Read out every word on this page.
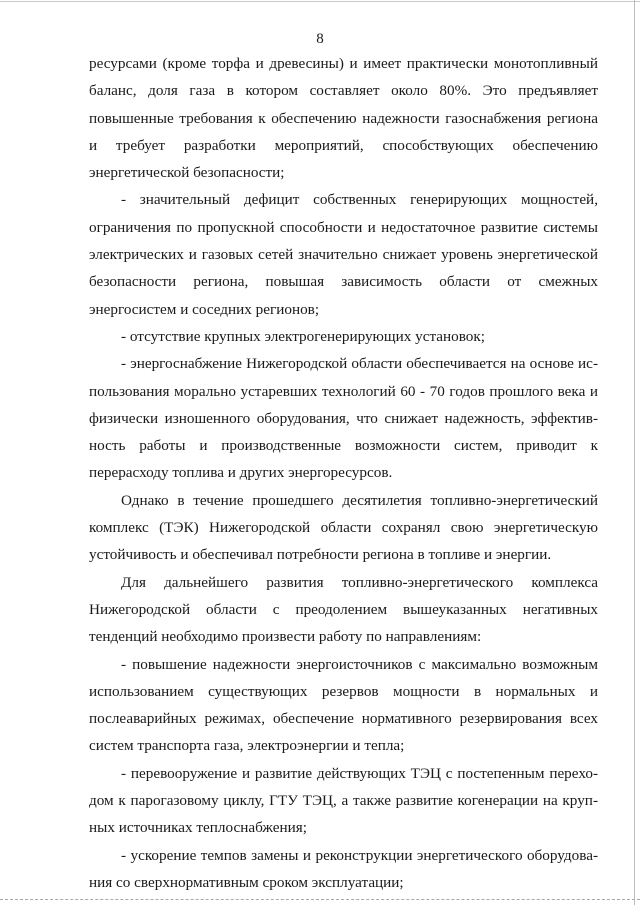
8

ресурсами (кроме торфа и древесины) и имеет практически монотопливный баланс, доля газа в котором составляет около 80%. Это предъявляет повышенные требования к обеспечению надежности газоснабжения региона и требует разработки мероприятий, способствующих обеспечению энергетической безопасности;

- значительный дефицит собственных генерирующих мощностей, ограничения по пропускной способности и недостаточное развитие системы электрических и газовых сетей значительно снижает уровень энергетической безопасности региона, повышая зависимость области от смежных энергосистем и соседних регионов;

- отсутствие крупных электрогенерирующих установок;

- энергоснабжение Нижегородской области обеспечивается на основе использования морально устаревших технологий 60 - 70 годов прошлого века и физически изношенного оборудования, что снижает надежность, эффективность работы и производственные возможности систем, приводит к перерасходу топлива и других энергоресурсов.

Однако в течение прошедшего десятилетия топливно-энергетический комплекс (ТЭК) Нижегородской области сохранял свою энергетическую устойчивость и обеспечивал потребности региона в топливе и энергии.

Для дальнейшего развития топливно-энергетического комплекса Нижегородской области с преодолением вышеуказанных негативных тенденций необходимо произвести работу по направлениям:

- повышение надежности энергоисточников с максимально возможным использованием существующих резервов мощности в нормальных и послеаварийных режимах, обеспечение нормативного резервирования всех систем транспорта газа, электроэнергии и тепла;

- перевооружение и развитие действующих ТЭЦ с постепенным переходом к парогазовому циклу, ГТУ ТЭЦ, а также развитие когенерации на крупных источниках теплоснабжения;

- ускорение темпов замены и реконструкции энергетического оборудования со сверхнормативным сроком эксплуатации;
